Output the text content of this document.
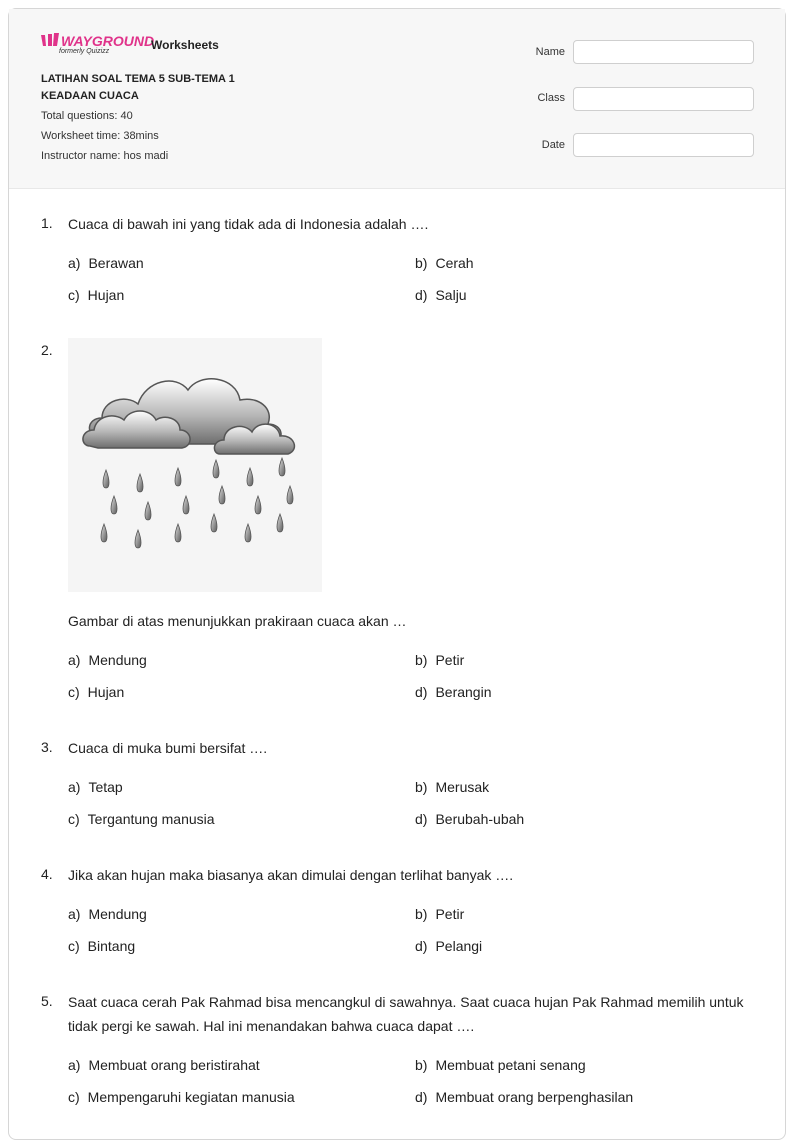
WAYGROUND
formerly Quizizz	Worksheets
LATIHAN SOAL TEMA 5 SUB-TEMA 1
KEADAAN CUACA
Total questions: 40
Worksheet time: 38mins
Instructor name: hos madi
Name
Class
Date
1. Cuaca di bawah ini yang tidak ada di Indonesia adalah ….
a) Berawan	b) Cerah
c) Hujan	d) Salju
2.
Gambar di atas menunjukkan prakiraan cuaca akan …
a) Mendung	b) Petir
c) Hujan	d) Berangin
3. Cuaca di muka bumi bersifat ….
a) Tetap	b) Merusak
c) Tergantung manusia	d) Berubah-ubah
4. Jika akan hujan maka biasanya akan dimulai dengan terlihat banyak ….
a) Mendung	b) Petir
c) Bintang	d) Pelangi
5. Saat cuaca cerah Pak Rahmad bisa mencangkul di sawahnya. Saat cuaca hujan Pak Rahmad memilih untuk tidak pergi ke sawah. Hal ini menandakan bahwa cuaca dapat ….
a) Membuat orang beristirahat	b) Membuat petani senang
c) Mempengaruhi kegiatan manusia	d) Membuat orang berpenghasilan
